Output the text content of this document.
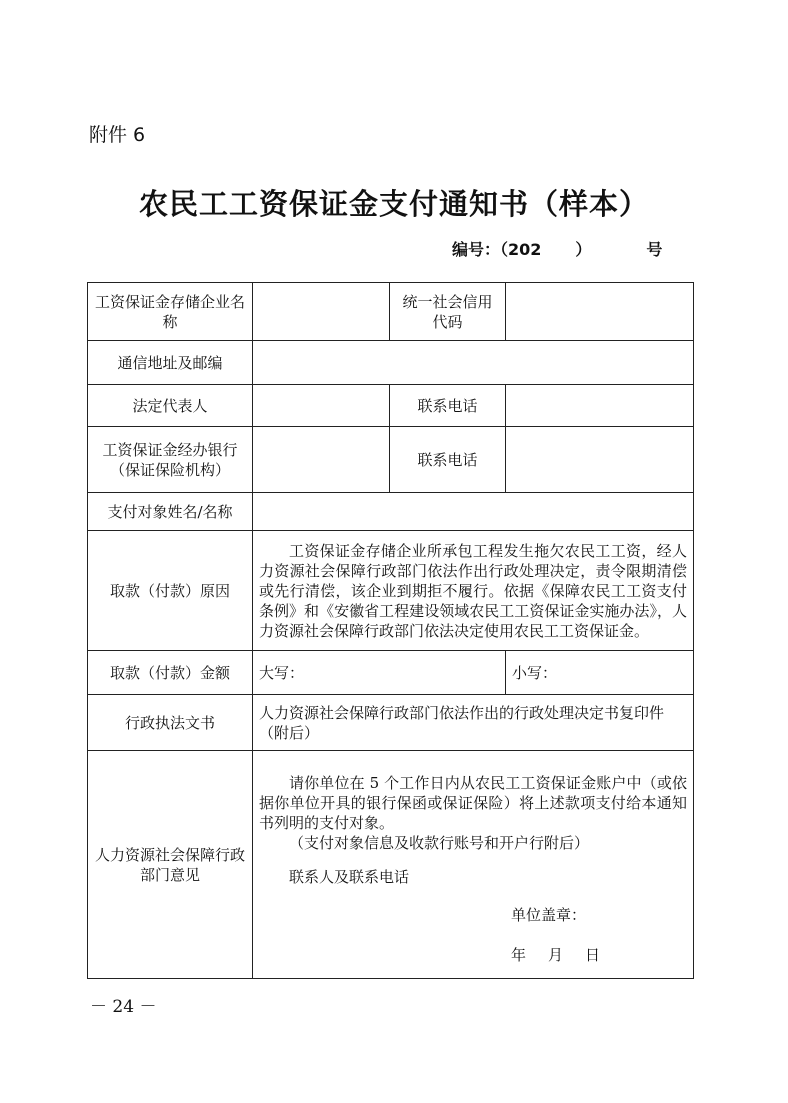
附件 6
农民工工资保证金支付通知书（样本）
编号：（202 ）	号
工资保证金存储企业名称		统一社会信用代码	
通信地址及邮编			
法定代表人		联系电话	
工资保证金经办银行（保证保险机构）		联系电话	
支付对象姓名/名称			
取款（付款）原因	工资保证金存储企业所承包工程发生拖欠农民工工资，经人力资源社会保障行政部门依法作出行政处理决定，责令限期清偿或先行清偿，该企业到期拒不履行。依据《保障农民工工资支付条例》和《安徽省工程建设领域农民工工资保证金实施办法》，人力资源社会保障行政部门依法决定使用农民工工资保证金。		
取款（付款）金额	大写：		小写：
行政执法文书	人力资源社会保障行政部门依法作出的行政处理决定书复印件（附后）		
人力资源社会保障行政部门意见	请你单位在 5 个工作日内从农民工工资保证金账户中（或依据你单位开具的银行保函或保证保险）将上述款项支付给本通知书列明的支付对象。
（支付对象信息及收款行账号和开户行附后）
联系人及联系电话
单位盖章：
年 月 日		
－ 24 －
